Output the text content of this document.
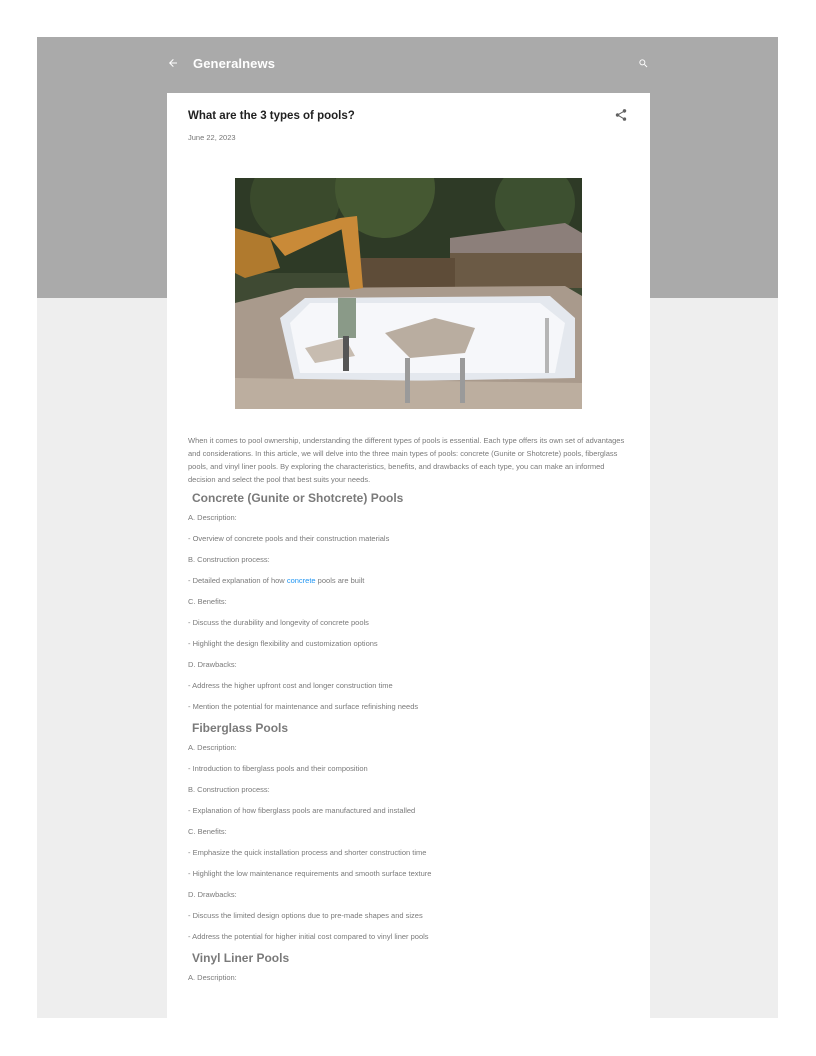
Generalnews
What are the 3 types of pools?
June 22, 2023

When it comes to pool ownership, understanding the different types of pools is essential. Each type offers its own set of advantages and considerations. In this article, we will delve into the three main types of pools: concrete (Gunite or Shotcrete) pools, fiberglass pools, and vinyl liner pools. By exploring the characteristics, benefits, and drawbacks of each type, you can make an informed decision and select the pool that best suits your needs.

Concrete (Gunite or Shotcrete) Pools

A. Description:

- Overview of concrete pools and their construction materials

B. Construction process:

- Detailed explanation of how concrete pools are built

C. Benefits:

- Discuss the durability and longevity of concrete pools

- Highlight the design flexibility and customization options

D. Drawbacks:

- Address the higher upfront cost and longer construction time

- Mention the potential for maintenance and surface refinishing needs

Fiberglass Pools

A. Description:

- Introduction to fiberglass pools and their composition

B. Construction process:

- Explanation of how fiberglass pools are manufactured and installed

C. Benefits:

- Emphasize the quick installation process and shorter construction time

- Highlight the low maintenance requirements and smooth surface texture

D. Drawbacks:

- Discuss the limited design options due to pre-made shapes and sizes

- Address the potential for higher initial cost compared to vinyl liner pools

Vinyl Liner Pools

A. Description:
